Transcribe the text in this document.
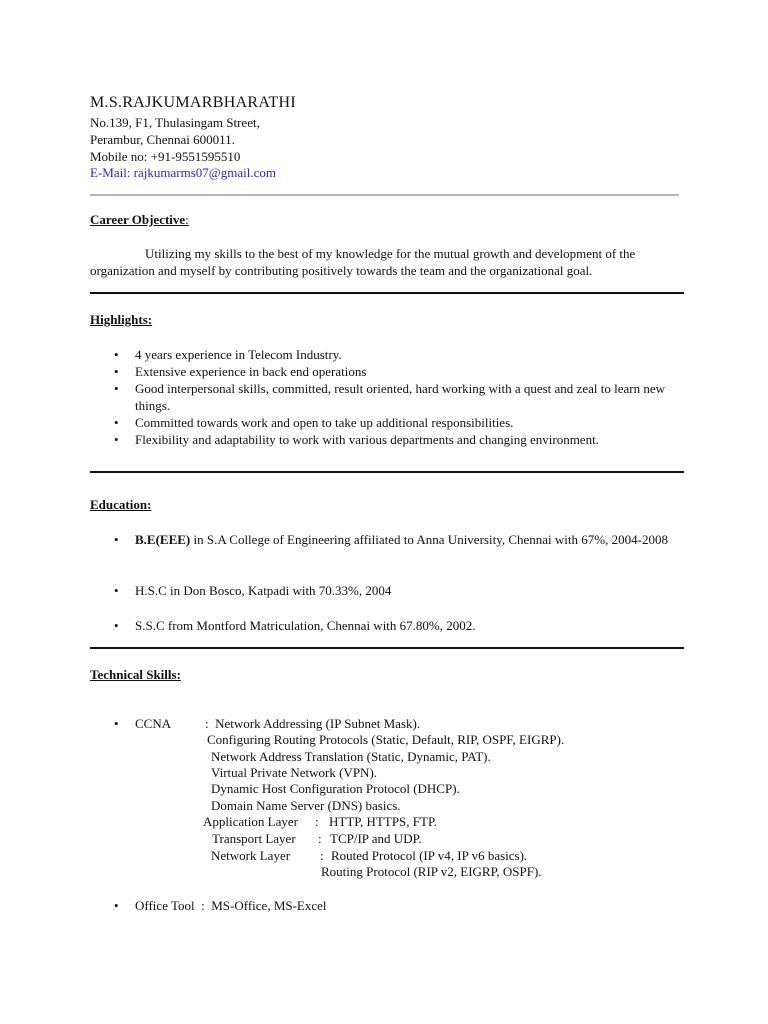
M.S.RAJKUMARBHARATHI
No.139, F1, Thulasingam Street,
Perambur, Chennai 600011.
Mobile no: +91-9551595510
E-Mail: rajkumarms07@gmail.com
Career Objective:
Utilizing my skills to the best of my knowledge for the mutual growth and development of the organization and myself by contributing positively towards the team and the organizational goal.
Highlights:
• 4 years experience in Telecom Industry.
• Extensive experience in back end operations
• Good interpersonal skills, committed, result oriented, hard working with a quest and zeal to learn new things.
• Committed towards work and open to take up additional responsibilities.
• Flexibility and adaptability to work with various departments and changing environment.
Education:
• B.E(EEE) in S.A College of Engineering affiliated to Anna University, Chennai with 67%, 2004-2008
• H.S.C in Don Bosco, Katpadi with 70.33%, 2004
• S.S.C from Montford Matriculation, Chennai with 67.80%, 2002.
Technical Skills:
• CCNA	:  Network Addressing (IP Subnet Mask).
Configuring Routing Protocols (Static, Default, RIP, OSPF, EIGRP).
Network Address Translation (Static, Dynamic, PAT).
Virtual Private Network (VPN).
Dynamic Host Configuration Protocol (DHCP).
Domain Name Server (DNS) basics.
Application Layer : HTTP, HTTPS, FTP.
Transport Layer : TCP/IP and UDP.
Network Layer : Routed Protocol (IP v4, IP v6 basics).
Routing Protocol (RIP v2, EIGRP, OSPF).
• Office Tool  :  MS-Office, MS-Excel
